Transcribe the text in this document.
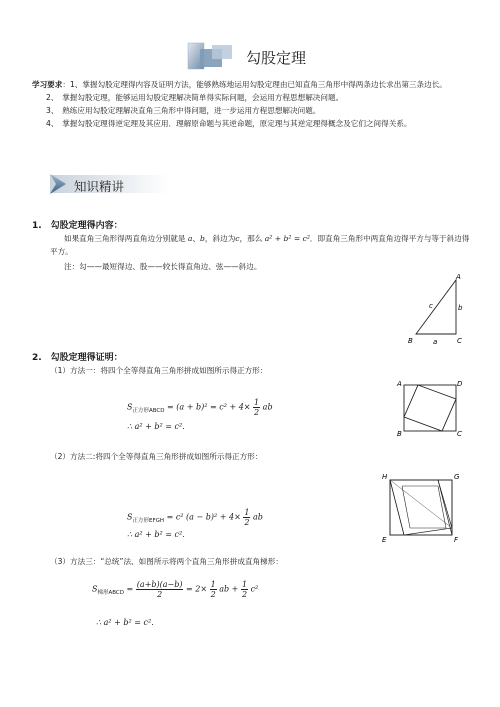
勾股定理
学习要求：1、掌握勾股定理得内容及证明方法，能够熟练地运用勾股定理由已知直角三角形中得两条边长求出第三条边长。
2、　掌握勾股定理，能够运用勾股定理解决简单得实际问题，会运用方程思想解决问题。
3、　熟练应用勾股定理解决直角三角形中得问题，进一步运用方程思想解决问题。
4、　掌握勾股定理得逆定理及其应用．理解原命题与其逆命题，原定理与其逆定理得概念及它们之间得关系。
知识精讲
1.　勾股定理得内容：
如果直角三角形得两直角边分别就是 a、b，斜边为c，那么 a² + b² = c²．即直角三角形中两直角边得平方与等于斜边得平方。
注：勾——最短得边、股——较长得直角边、弦——斜边。
A
B	C
a
b
c
2.　勾股定理得证明：
（1）方法一：将四个全等得直角三角形拼成如图所示得正方形：
$S_{正方形ABCD} = (a + b)^2 = c^2 + 4\times \frac{1}{2}$ ab
∴ a² + b² = c².
A	D
B	C
（2）方法二:将四个全等得直角三角形拼成如图所示得正方形：
$S_{正方形EFGH} = c^2$ $(a - b)^2 + 4\times \frac{1}{2}$ ab
∴ a² + b² = c².
H	G
E	F
（3）方法三：“总统”法、如图所示将两个直角三角形拼成直角梯形：
$S_{梯形ABCD} = \frac{(a+b)(a-b)}{2} = 2\times \frac{1}{2}$ ab + $\frac{1}{2} c^2$
∴ a² + b² = c².
